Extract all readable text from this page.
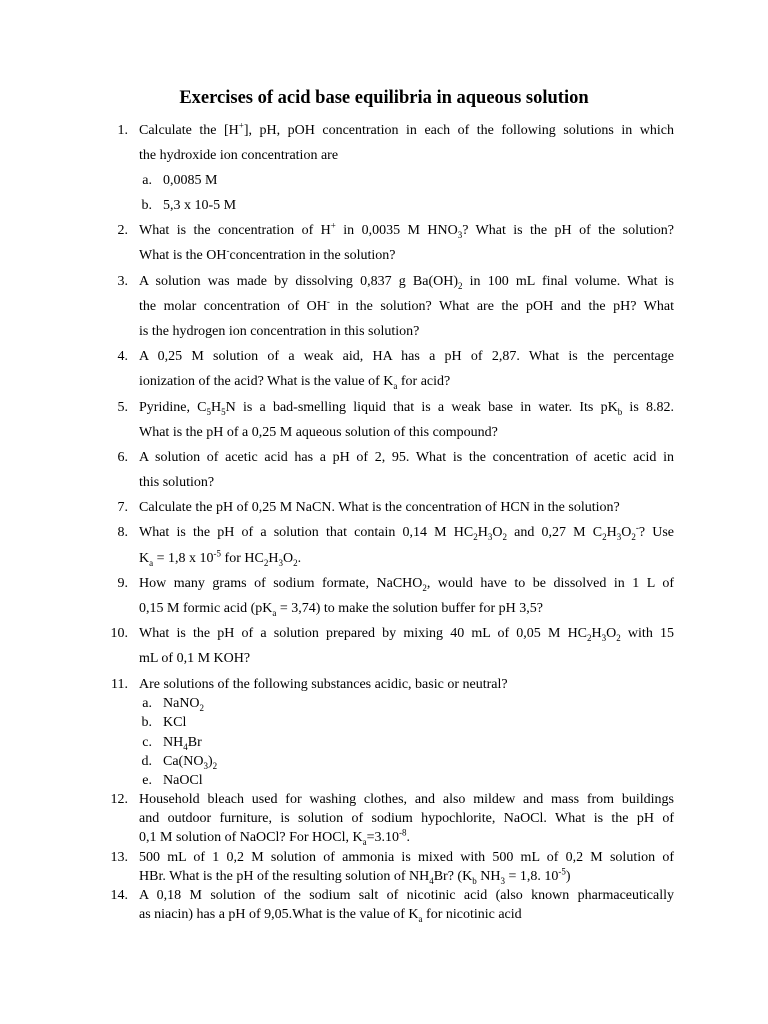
Exercises of acid base equilibria in aqueous solution
1. Calculate the [H+], pH, pOH concentration in each of the following solutions in which
the hydroxide ion concentration are
a. 0,0085 M
b. 5,3 x 10-5 M
2. What is the concentration of H+ in 0,0035 M $HNO_3$? What is the pH of the solution?
What is the OH-concentration in the solution?
3. A solution was made by dissolving 0,837 g $Ba(OH)_2$ in 100 mL final volume. What is
the molar concentration of OH- in the solution? What are the pOH and the pH? What
is the hydrogen ion concentration in this solution?
4. A 0,25 M solution of a weak aid, HA has a pH of 2,87. What is the percentage
ionization of the acid? What is the value of $K_a$ for acid?
5. Pyridine, $C_5H_5N$ is a bad-smelling liquid that is a weak base in water. Its $pK_b$ is 8.82.
What is the pH of a 0,25 M aqueous solution of this compound?
6. A solution of acetic acid has a pH of 2, 95. What is the concentration of acetic acid in
this solution?
7. Calculate the pH of 0,25 M NaCN. What is the concentration of HCN in the solution?
8. What is the pH of a solution that contain 0,14 M $HC_2H_3O_2$ and 0,27 M $C_2H_3O_2^-$? Use
$K_a = 1,8$ x $10^{-5}$ for $HC_2H_3O_2$.
9. How many grams of sodium formate, NaCHO$_2$, would have to be dissolved in 1 L of
0,15 M formic acid $(pK_a = 3,74)$ to make the solution buffer for pH 3,5?
10. What is the pH of a solution prepared by mixing 40 mL of 0,05 M $HC_2H_3O_2$ with 15
mL of 0,1 M KOH?
11. Are solutions of the following substances acidic, basic or neutral?
a. NaNO$_2$
b. KCl
c. $NH_4Br$
d. $Ca(NO_3)_2$
e. NaOCl
12. Household bleach used for washing clothes, and also mildew and mass from buildings
and outdoor furniture, is solution of sodium hypochlorite, NaOCl. What is the pH of
0,1 M solution of NaOCl? For HOCl, $K_a=3.10^{-8}$.
13. 500 mL of 1 0,2 M solution of ammonia is mixed with 500 mL of 0,2 M solution of
HBr. What is the pH of the resulting solution of $NH_4Br$? ($K_b$ $NH_3 = 1,8$. $10^{-5}$)
14. A 0,18 M solution of the sodium salt of nicotinic acid (also known pharmaceutically
as niacin) has a pH of 9,05.What is the value of $K_a$ for nicotinic acid
